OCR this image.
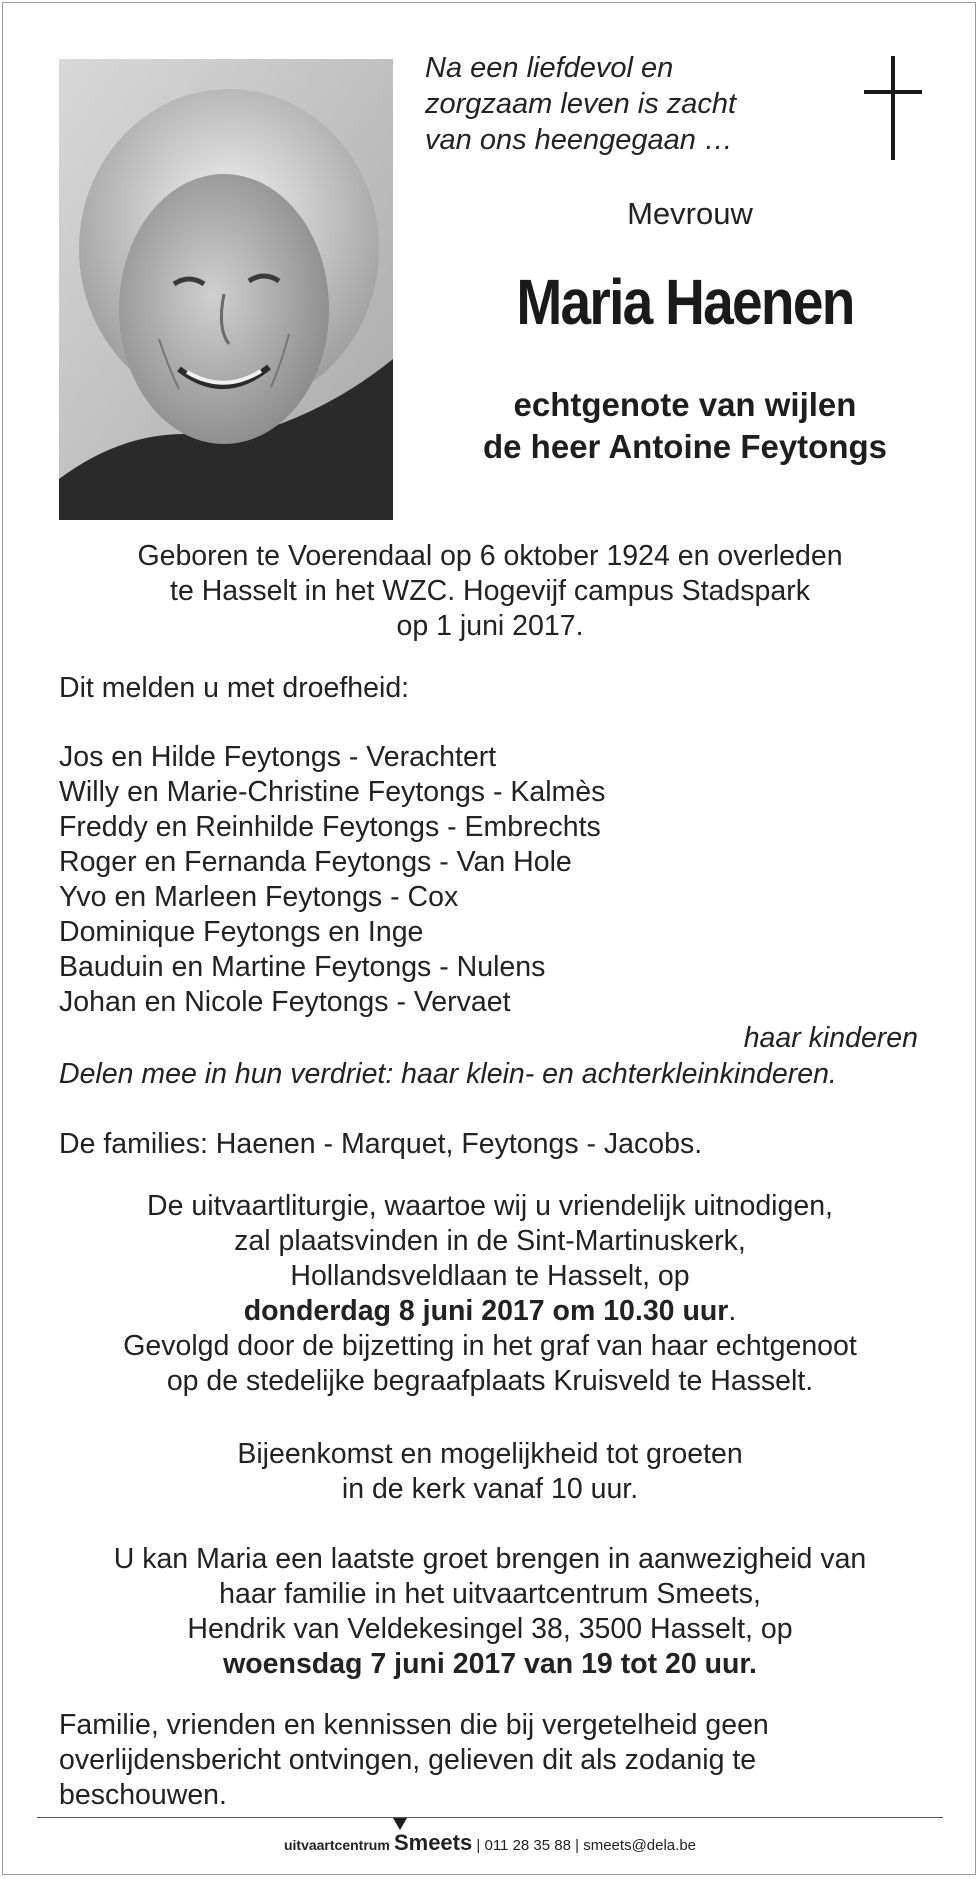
Na een liefdevol en
zorgzaam leven is zacht
van ons heengegaan …
Mevrouw
Maria Haenen
echtgenote van wijlen
de heer Antoine Feytongs
Geboren te Voerendaal op 6 oktober 1924 en overleden
te Hasselt in het WZC. Hogevijf campus Stadspark
op 1 juni 2017.
Dit melden u met droefheid:
Jos en Hilde Feytongs - Verachtert
Willy en Marie-Christine Feytongs - Kalmès
Freddy en Reinhilde Feytongs - Embrechts
Roger en Fernanda Feytongs - Van Hole
Yvo en Marleen Feytongs - Cox
Dominique Feytongs en Inge
Bauduin en Martine Feytongs - Nulens
Johan en Nicole Feytongs - Vervaet
haar kinderen
Delen mee in hun verdriet: haar klein- en achterkleinkinderen.
De families: Haenen - Marquet, Feytongs - Jacobs.
De uitvaartliturgie, waartoe wij u vriendelijk uitnodigen,
zal plaatsvinden in de Sint-Martinuskerk,
Hollandsveldlaan te Hasselt, op
donderdag 8 juni 2017 om 10.30 uur.
Gevolgd door de bijzetting in het graf van haar echtgenoot
op de stedelijke begraafplaats Kruisveld te Hasselt.
Bijeenkomst en mogelijkheid tot groeten
in de kerk vanaf 10 uur.
U kan Maria een laatste groet brengen in aanwezigheid van
haar familie in het uitvaartcentrum Smeets,
Hendrik van Veldekesingel 38, 3500 Hasselt, op
woensdag 7 juni 2017 van 19 tot 20 uur.
Familie, vrienden en kennissen die bij vergetelheid geen
overlijdensbericht ontvingen, gelieven dit als zodanig te
beschouwen.
uitvaartcentrum Smeets | 011 28 35 88 | smeets@dela.be
